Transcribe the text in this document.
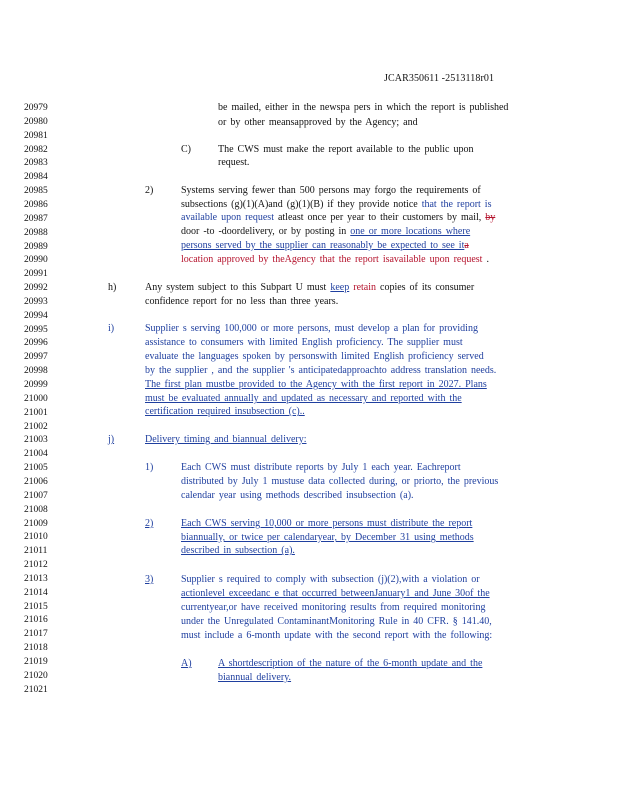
JCAR350611 -2513118r01
20979
20980
20981
20982
20983
20984
20985
20986
20987
20988
20989
20990
20991
20992
20993
20994
20995
20996
20997
20998
20999
21000
21001
21002
21003
21004
21005
21006
21007
21008
21009
21010
21011
21012
21013
21014
21015
21016
21017
21018
21019
21020
21021
be mailed, either in the newspa pers in which the report is published
or by other meansapproved by the Agency; and
C)	The CWS must make the report available to the public upon
request.
2)	Systems serving fewer than 500 persons may forgo the requirements of
subsections (g)(1)(A)and (g)(1)(B) if they provide notice that the report is
available upon request atleast once per year to their customers by mail, by
door -to -doordelivery, or by posting in one or more locations where
persons served by the supplier can reasonably be expected to see ita
location approved by theAgency that the report isavailable upon request .
h)	Any system subject to this Subpart U must keep retain copies of its consumer
confidence report for no less than three years.
i)	Supplier s serving 100,000 or more persons, must develop a plan for providing
assistance to consumers with limited English proficiency. The supplier must
evaluate the languages spoken by personswith limited English proficiency served
by the supplier , and the supplier 's anticipatedapproachto address translation needs.
The first plan mustbe provided to the Agency with the first report in 2027. Plans
must be evaluated annually and updated as necessary and reported with the
certification required insubsection (c)..
j)	Delivery timing and biannual delivery:
1)	Each CWS must distribute reports by July 1 each year. Eachreport
distributed by July 1 mustuse data collected during, or priorto, the previous
calendar year using methods described insubsection (a).
2)	Each CWS serving 10,000 or more persons must distribute the report
biannually, or twice per calendaryear, by December 31 using methods
described in subsection (a).
3)	Supplier s required to comply with subsection (j)(2),with a violation or
actionlevel exceedanc e that occurred betweenJanuary1 and June 30of the
currentyear,or have received monitoring results from required monitoring
under the Unregulated ContaminantMonitoring Rule in 40 CFR. § 141.40,
must include a 6-month update with the second report with the following:
A)	A shortdescription of the nature of the 6-month update and the
biannual delivery.
